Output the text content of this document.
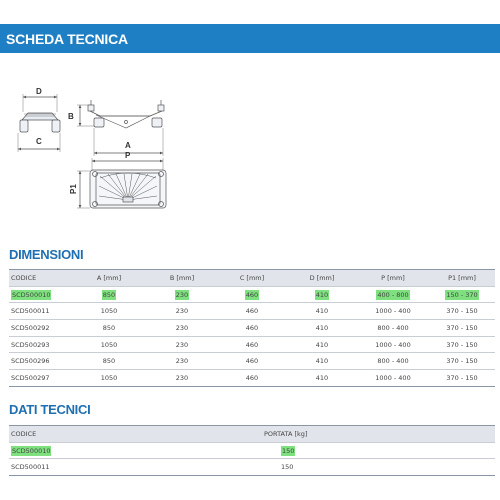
SCHEDA TECNICA
D
B
C	A
P
P1
DIMENSIONI
CODICE	A [mm]	B [mm]	C [mm]	D [mm]	P [mm]	P1 [mm]
SCD500010	850	230	460	410	400 - 800	150 - 370
SCD500011	1050	230	460	410	1000 - 400	370 - 150
SCD500292	850	230	460	410	800 - 400	370 - 150
SCD500293	1050	230	460	410	1000 - 400	370 - 150
SCD500296	850	230	460	410	800 - 400	370 - 150
SCD500297	1050	230	460	410	1000 - 400	370 - 150
DATI TECNICI
CODICE	PORTATA [kg]	
SCD500010	150	
SCD500011	150	
